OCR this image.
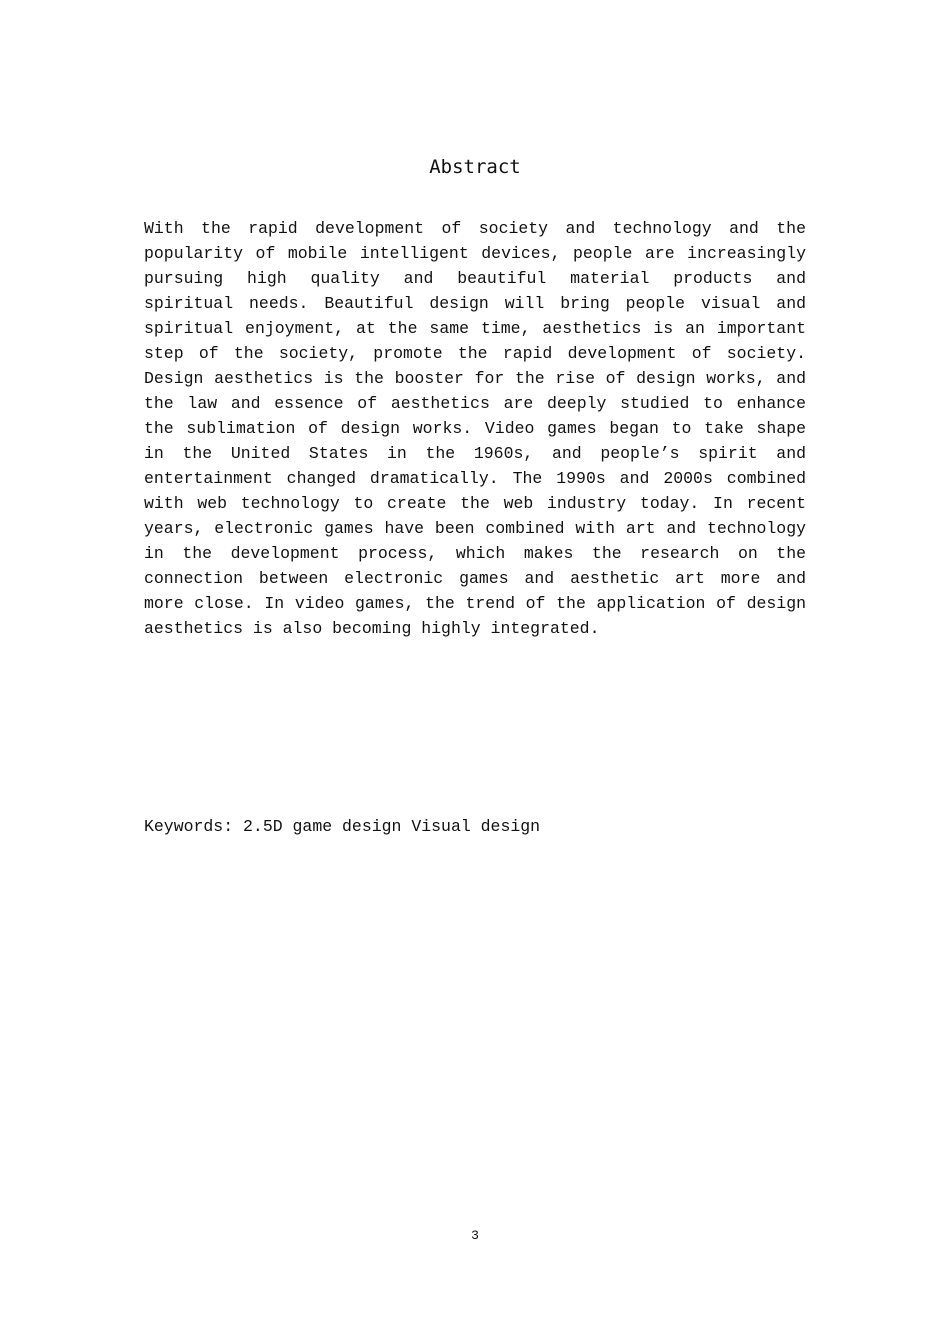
Abstract

With the rapid development of society and technology and the popularity of mobile intelligent devices, people are increasingly pursuing high quality and beautiful material products and spiritual needs. Beautiful design will bring people visual and spiritual enjoyment, at the same time, aesthetics is an important step of the society, promote the rapid development of society. Design aesthetics is the booster for the rise of design works, and the law and essence of aesthetics are deeply studied to enhance the sublimation of design works. Video games began to take shape in the United States in the 1960s, and people’s spirit and entertainment changed dramatically. The 1990s and 2000s combined with web technology to create the web industry today. In recent years, electronic games have been combined with art and technology in the development process, which makes the research on the connection between electronic games and aesthetic art more and more close. In video games, the trend of the application of design aesthetics is also becoming highly integrated.

Keywords: 2.5D game design Visual design
3
